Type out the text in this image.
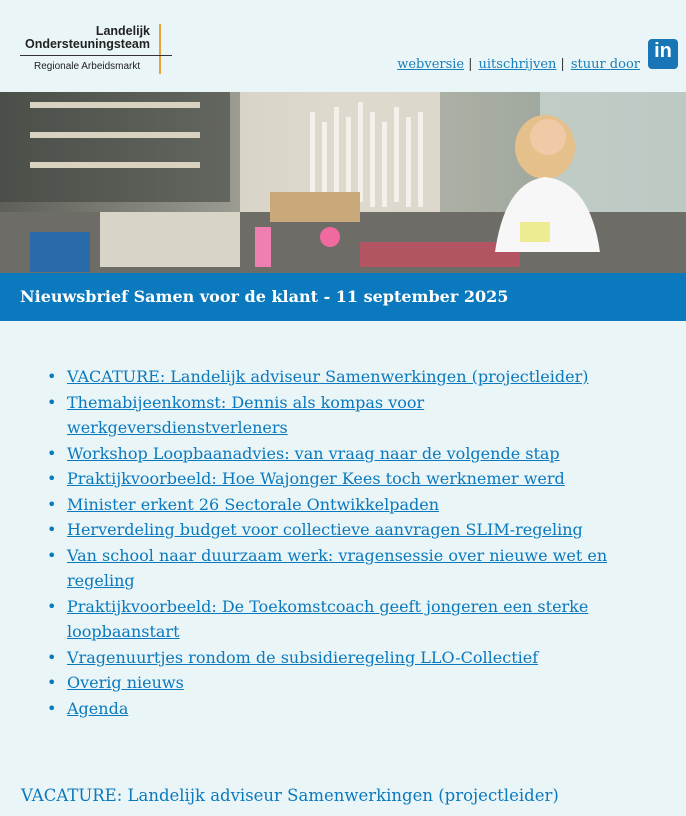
Landelijk
Ondersteuningsteam
Regionale Arbeidsmarkt	webversie | uitschrijven | stuur door
in
Nieuwsbrief Samen voor de klant - 11 september 2025
• VACATURE: Landelijk adviseur Samenwerkingen (projectleider)
• Themabijeenkomst: Dennis als kompas voor werkgeversdienstverleners
• Workshop Loopbaanadvies: van vraag naar de volgende stap
• Praktijkvoorbeeld: Hoe Wajonger Kees toch werknemer werd
• Minister erkent 26 Sectorale Ontwikkelpaden
• Herverdeling budget voor collectieve aanvragen SLIM-regeling
• Van school naar duurzaam werk: vragensessie over nieuwe wet en regeling
• Praktijkvoorbeeld: De Toekomstcoach geeft jongeren een sterke loopbaanstart
• Vragenuurtjes rondom de subsidieregeling LLO-Collectief
• Overig nieuws
• Agenda
VACATURE: Landelijk adviseur Samenwerkingen (projectleider)
